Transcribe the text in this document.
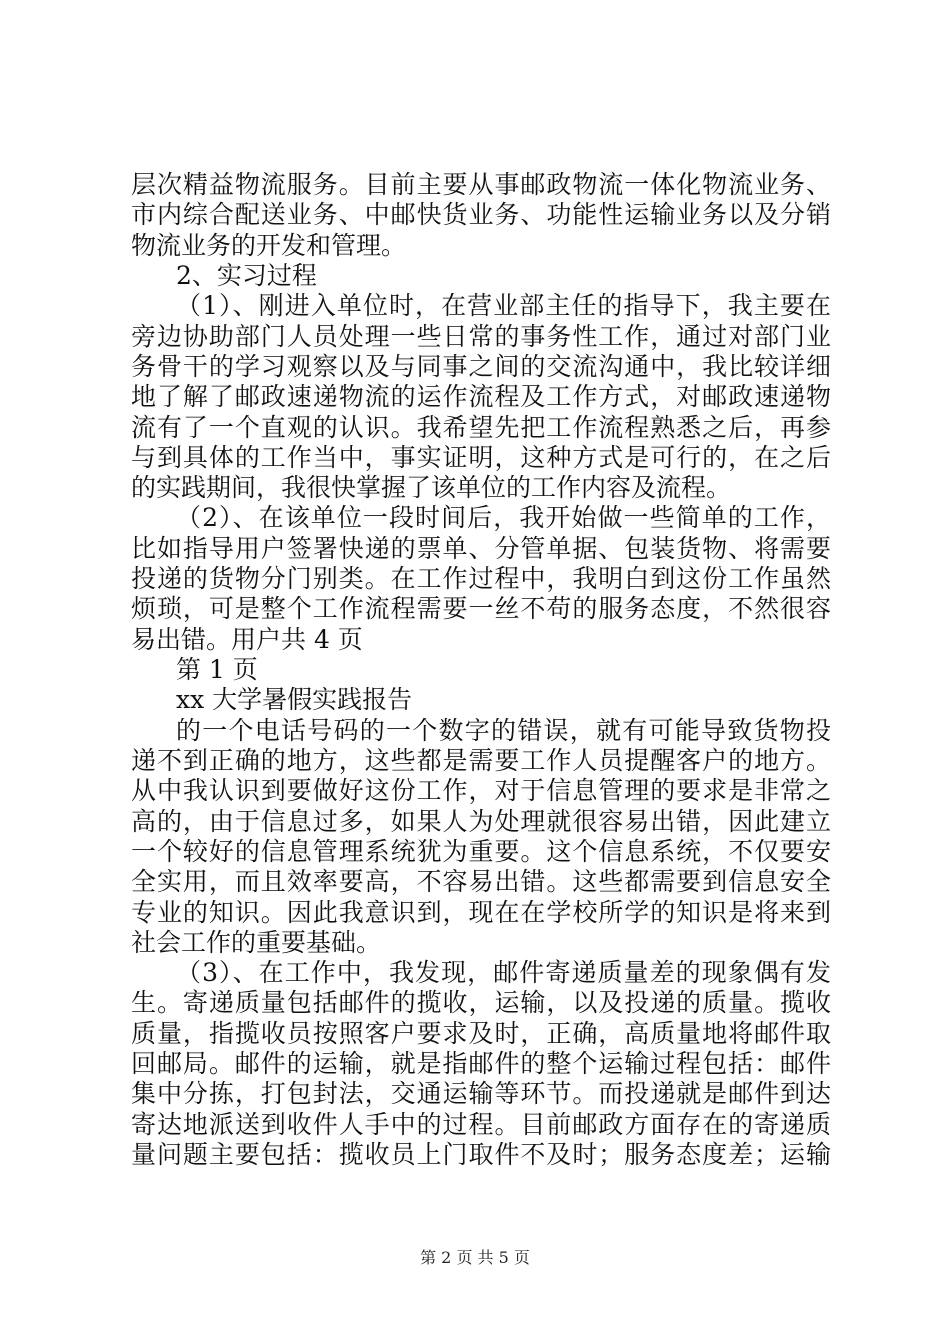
层次精益物流服务。目前主要从事邮政物流一体化物流业务、
市内综合配送业务、中邮快货业务、功能性运输业务以及分销
物流业务的开发和管理。
2、实习过程
（1）、刚进入单位时，在营业部主任的指导下，我主要在
旁边协助部门人员处理一些日常的事务性工作，通过对部门业
务骨干的学习观察以及与同事之间的交流沟通中，我比较详细
地了解了邮政速递物流的运作流程及工作方式，对邮政速递物
流有了一个直观的认识。我希望先把工作流程熟悉之后，再参
与到具体的工作当中，事实证明，这种方式是可行的，在之后
的实践期间，我很快掌握了该单位的工作内容及流程。
（2）、在该单位一段时间后，我开始做一些简单的工作，
比如指导用户签署快递的票单、分管单据、包装货物、将需要
投递的货物分门别类。在工作过程中，我明白到这份工作虽然
烦琐，可是整个工作流程需要一丝不苟的服务态度，不然很容
易出错。用户共 4 页
第 1 页
xx 大学暑假实践报告
的一个电话号码的一个数字的错误，就有可能导致货物投
递不到正确的地方，这些都是需要工作人员提醒客户的地方。
从中我认识到要做好这份工作，对于信息管理的要求是非常之
高的，由于信息过多，如果人为处理就很容易出错，因此建立
一个较好的信息管理系统犹为重要。这个信息系统，不仅要安
全实用，而且效率要高，不容易出错。这些都需要到信息安全
专业的知识。因此我意识到，现在在学校所学的知识是将来到
社会工作的重要基础。
（3）、在工作中，我发现，邮件寄递质量差的现象偶有发
生。寄递质量包括邮件的揽收，运输，以及投递的质量。揽收
质量，指揽收员按照客户要求及时，正确，高质量地将邮件取
回邮局。邮件的运输，就是指邮件的整个运输过程包括：邮件
集中分拣，打包封法，交通运输等环节。而投递就是邮件到达
寄达地派送到收件人手中的过程。目前邮政方面存在的寄递质
量问题主要包括：揽收员上门取件不及时；服务态度差；运输
第 2 页 共 5 页
